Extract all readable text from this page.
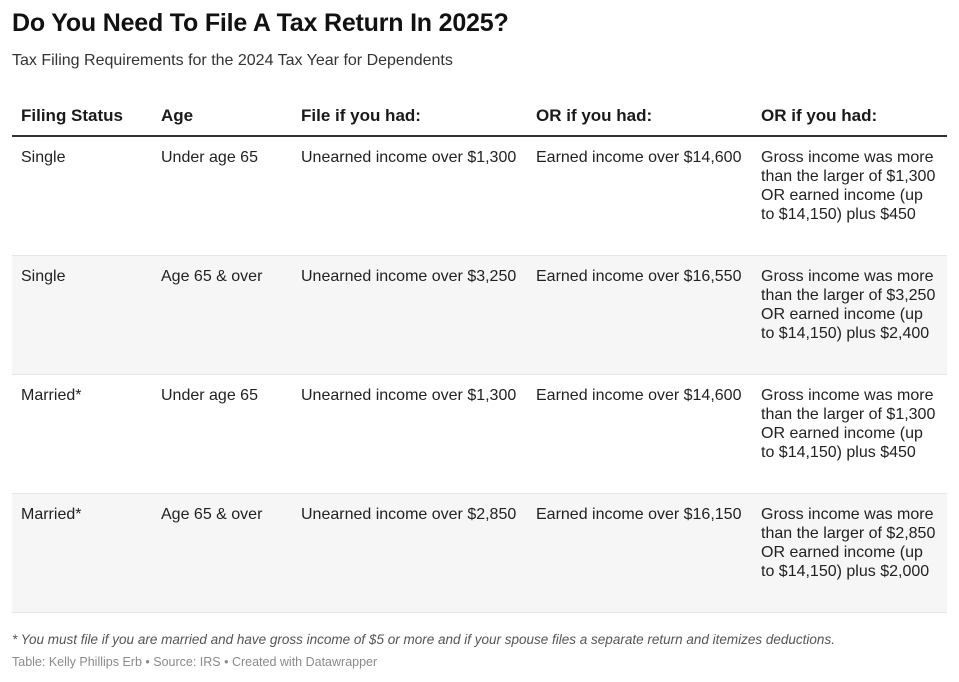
Do You Need To File A Tax Return In 2025?
Tax Filing Requirements for the 2024 Tax Year for Dependents
Filing Status	Age	File if you had:	OR if you had:	OR if you had:
Single	Under age 65	Unearned income over $1,300	Earned income over $14,600	Gross income was more than the larger of $1,300 OR earned income (up to $14,150) plus $450
Single	Age 65 & over	Unearned income over $3,250	Earned income over $16,550	Gross income was more than the larger of $3,250 OR earned income (up to $14,150) plus $2,400
Married*	Under age 65	Unearned income over $1,300	Earned income over $14,600	Gross income was more than the larger of $1,300 OR earned income (up to $14,150) plus $450
Married*	Age 65 & over	Unearned income over $2,850	Earned income over $16,150	Gross income was more than the larger of $2,850 OR earned income (up to $14,150) plus $2,000
* You must file if you are married and have gross income of $5 or more and if your spouse files a separate return and itemizes deductions.
Table: Kelly Phillips Erb • Source: IRS • Created with Datawrapper
